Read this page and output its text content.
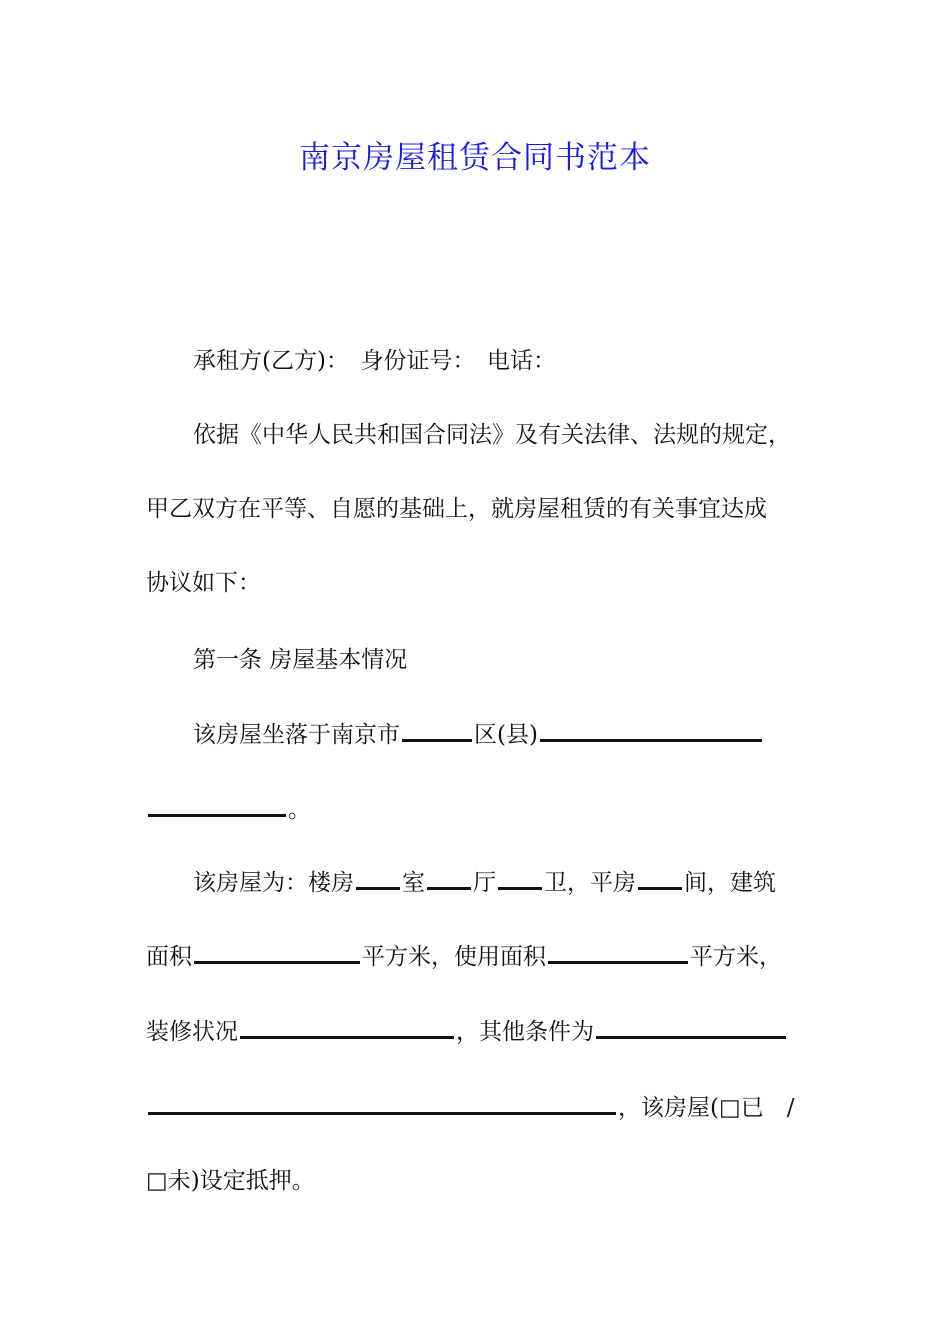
南京房屋租赁合同书范本
承租方(乙方)：　身份证号：　电话：
依据《中华人民共和国合同法》及有关法律、法规的规定，
甲乙双方在平等、自愿的基础上，就房屋租赁的有关事宜达成
协议如下：
第一条 房屋基本情况
该房屋坐落于南京市	区(县)
。
该房屋为：楼房 室 厅 卫，平房 间，建筑
面积	平方米，使用面积	平方米，
装修状况	，其他条件为
，该房屋(□已　/
□未)设定抵押。
